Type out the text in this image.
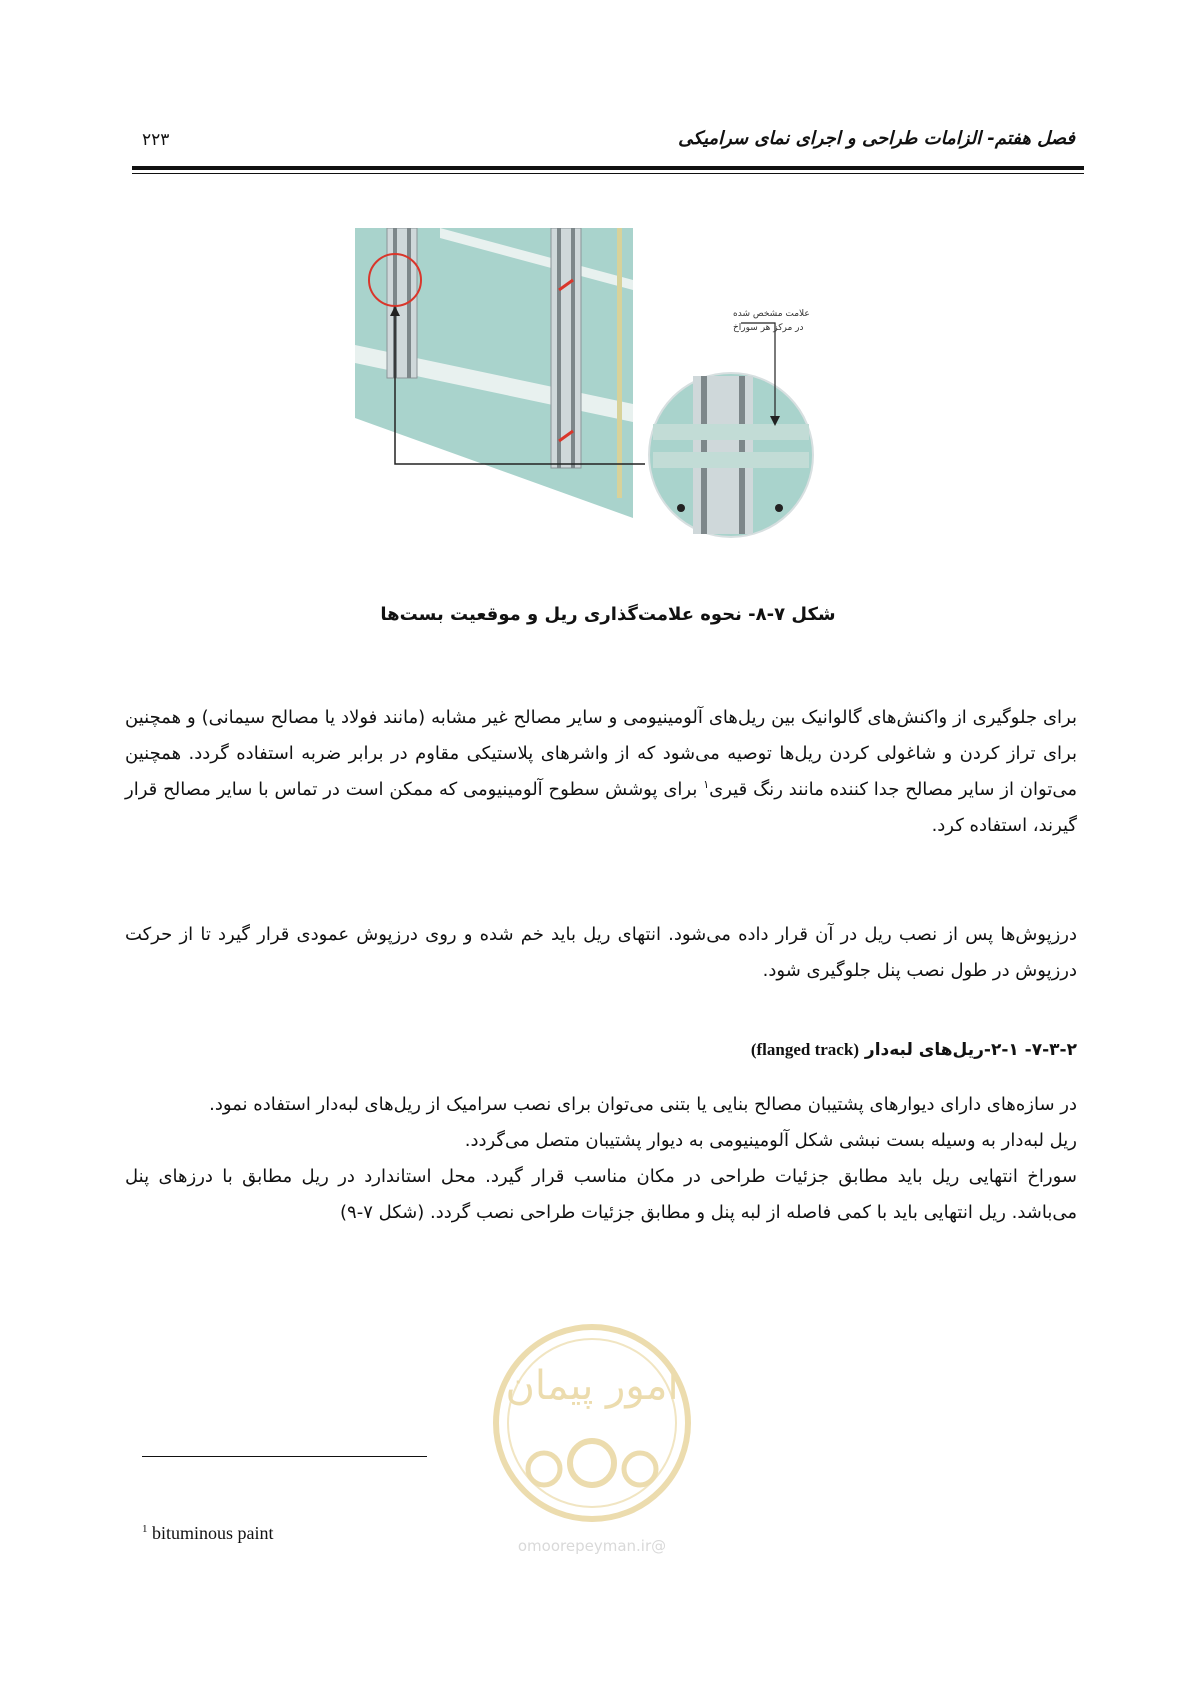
۲۲۳	فصل هفتم- الزامات طراحی و اجرای نمای سرامیکی
علامت مشخص شده
در مرکز هر سوراخ
شکل ۷-۸- نحوه علامت‌گذاری ریل و موقعیت بست‌ها

برای جلوگیری از واکنش‌های گالوانیک بین ریل‌های آلومینیومی و سایر مصالح غیر مشابه (مانند فولاد یا مصالح سیمانی) و همچنین برای تراز کردن و شاغولی کردن ریل‌ها توصیه می‌شود که از واشرهای پلاستیکی مقاوم در برابر ضربه استفاده گردد. همچنین می‌توان از سایر مصالح جدا کننده مانند رنگ قیری$^۱$ برای پوشش سطوح آلومینیومی که ممکن است در تماس با سایر مصالح قرار گیرند، استفاده کرد.

درزپوش‌ها پس از نصب ریل در آن قرار داده می‌شود. انتهای ریل باید خم شده و روی درزپوش عمودی قرار گیرد تا از حرکت درزپوش در طول نصب پنل جلوگیری شود.

۷-۳-۲- ۲-۱-ریل‌های لبه‌دار (flanged track)

در سازه‌های دارای دیوارهای پشتیبان مصالح بنایی یا بتنی می‌توان برای نصب سرامیک از ریل‌های لبه‌دار استفاده نمود.
ریل لبه‌دار به وسیله بست نبشی شکل آلومینیومی به دیوار پشتیبان متصل می‌گردد.
سوراخ انتهایی ریل باید مطابق جزئیات طراحی در مکان مناسب قرار گیرد. محل استاندارد در ریل مطابق با درزهای پنل می‌باشد. ریل انتهایی باید با کمی فاصله از لبه پنل و مطابق جزئیات طراحی نصب گردد. (شکل ۷-۹)

امور پیمان
@omoorepeyman.ir
$^1$ bituminous paint
